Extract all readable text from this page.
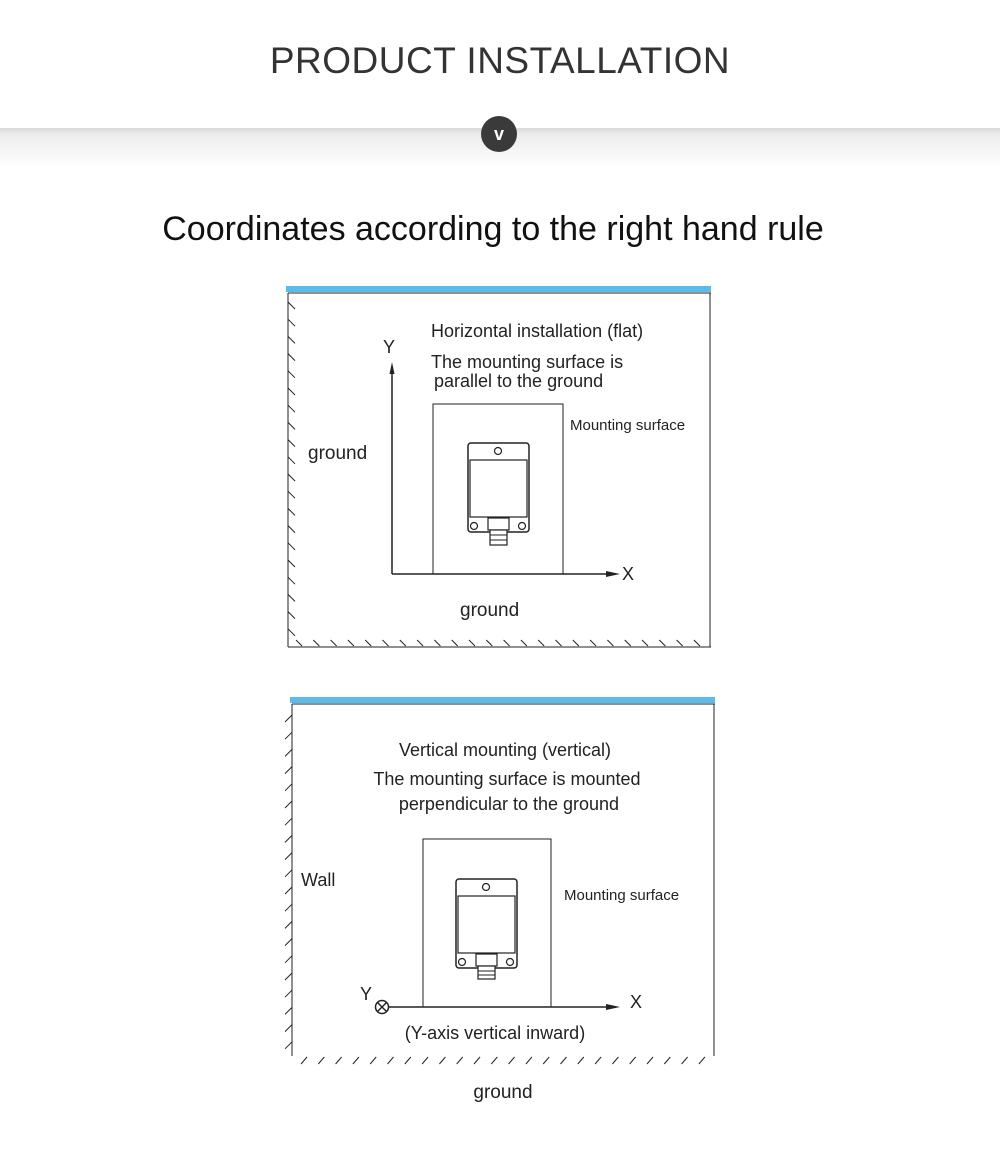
PRODUCT INSTALLATION
v
Coordinates according to the right hand rule
Horizontal installation (flat)
The mounting surface is
parallel to the ground
Y
X
Mounting surface
ground
ground
Vertical mounting (vertical)
The mounting surface is mounted
perpendicular to the ground
Wall
Mounting surface
X
Y
(Y-axis vertical inward)
ground
